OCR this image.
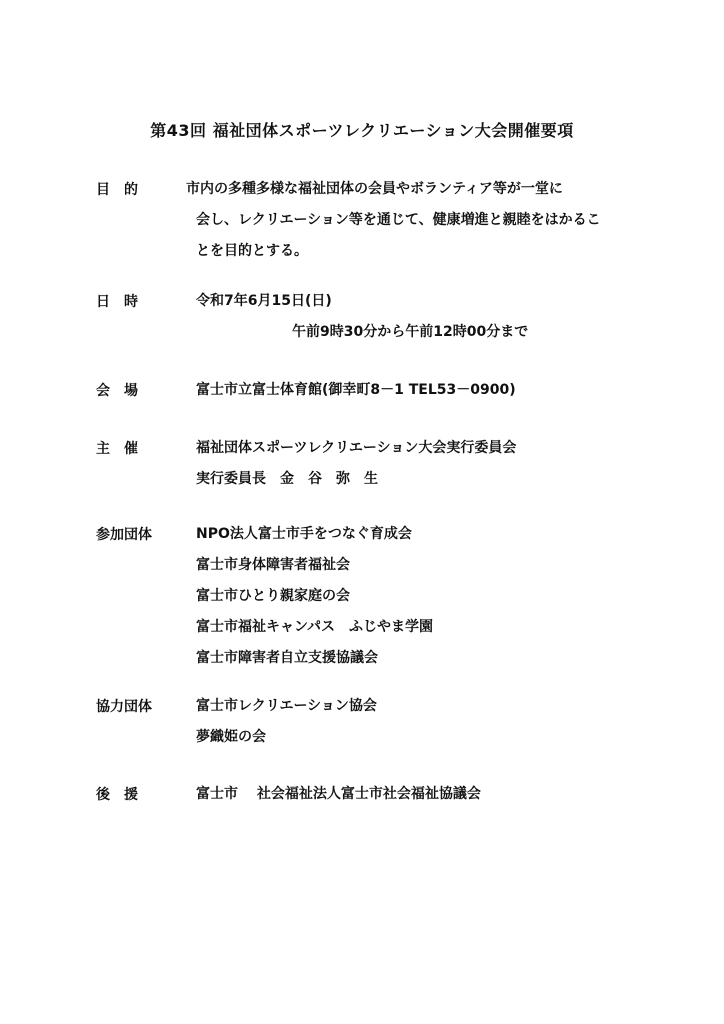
第43回 福祉団体スポーツレクリエーション大会開催要項
目　的	市内の多種多様な福祉団体の会員やボランティア等が一堂に
会し、レクリエーション等を通じて、健康増進と親睦をはかるこ
とを目的とする。
日　時	令和7年6月15日(日)
午前9時30分から午前12時00分まで
会　場	富士市立富士体育館(御幸町8－1 TEL53－0900)
主　催	福祉団体スポーツレクリエーション大会実行委員会
実行委員長　金　谷　弥　生
参加団体	NPO法人富士市手をつなぐ育成会
富士市身体障害者福祉会
富士市ひとり親家庭の会
富士市福祉キャンパス　ふじやま学園
富士市障害者自立支援協議会
協力団体	富士市レクリエーション協会
夢織姫の会
後　援	富士市　 社会福祉法人富士市社会福祉協議会
